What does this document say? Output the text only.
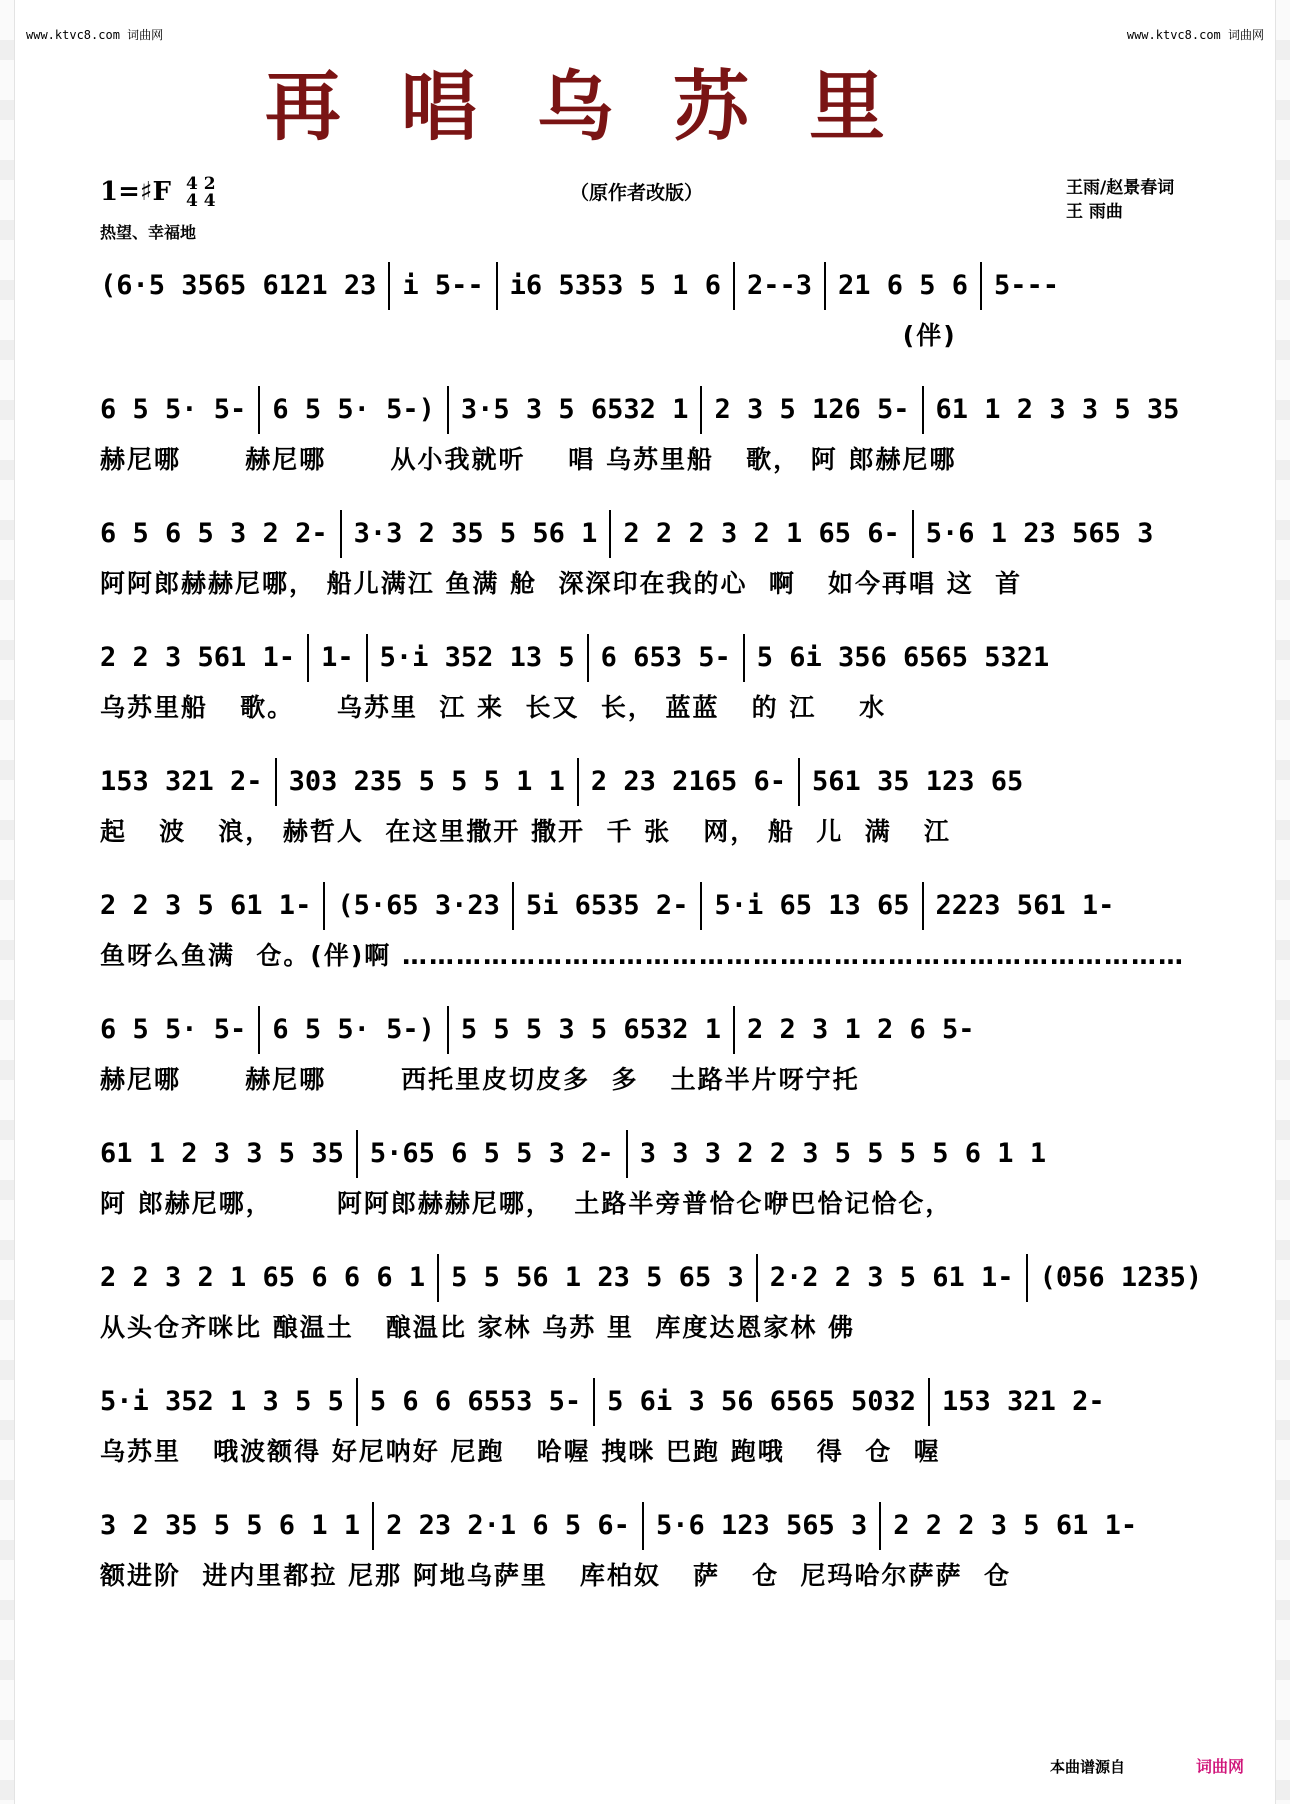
www.ktvc8.com 词曲网	www.ktvc8.com 词曲网
再唱乌苏里
1=♯F 4 2
4 4
热望、幸福地
（原作者改版）	王雨/赵景春词
王 雨曲
(6·5 3565 6121 23 i 5-- i6 5353 5 1 6 2--3 21 6 5 6 5---
(伴)
6 5 5· 5- 6 5 5· 5-) 3·5 3 5 6532 1 2 3 5 126 5- 61 1 2 3 3 5 35
赫尼哪      赫尼哪      从小我就听    唱 乌苏里船   歌， 阿 郎赫尼哪
6 5 6 5 3 2 2- 3·3 2 35 5 56 1 2 2 2 3 2 1 65 6- 5·6 1 23 565 3
阿阿郎赫赫尼哪， 船儿满江 鱼满 舱  深深印在我的心  啊   如今再唱 这  首
2 2 3 561 1- 1- 5·i 352 13 5 6 653 5- 5 6i 356 6565 5321
乌苏里船   歌。    乌苏里  江 来  长又  长， 蓝蓝   的 江    水
153 321 2- 303 235 5 5 5 1 1 2 23 2165 6- 561 35 123 65
起   波   浪， 赫哲人  在这里撒开 撒开  千 张   网， 船  儿  满   江
2 2 3 5 61 1- (5·65 3·23 5i 6535 2- 5·i 65 13 65 2223 561 1-
鱼呀么鱼满  仓。(伴)啊 ……………………………………………………………………………
6 5 5· 5- 6 5 5· 5-) 5 5 5 3 5 6532 1 2 2 3 1 2 6 5-
赫尼哪      赫尼哪       西托里皮切皮多  多   土路半片呀宁托
61 1 2 3 3 5 35 5·65 6 5 5 3 2- 3 3 3 2 2 3 5 5 5 5 6 1 1
阿 郎赫尼哪，      阿阿郎赫赫尼哪，  土路半旁普恰仑咿巴恰记恰仑，
2 2 3 2 1 65 6 6 6 1 5 5 56 1 23 5 65 3 2·2 2 3 5 61 1- (056 1235)
从头仓齐咪比 酿温土   酿温比 家林 乌苏 里  库度达恩家林 佛
5·i 352 1 3 5 5 5 6 6 6553 5- 5 6i 3 56 6565 5032 153 321 2-
乌苏里   哦波额得 好尼呐好 尼跑   哈喔 拽咪 巴跑 跑哦   得  仓  喔
3 2 35 5 5 6 1 1 2 23 2·1 6 5 6- 5·6 123 565 3 2 2 2 3 5 61 1-
额进阶  进内里都拉 尼那 阿地乌萨里   库柏奴   萨   仓  尼玛哈尔萨萨  仓
本曲谱源自	词曲网
